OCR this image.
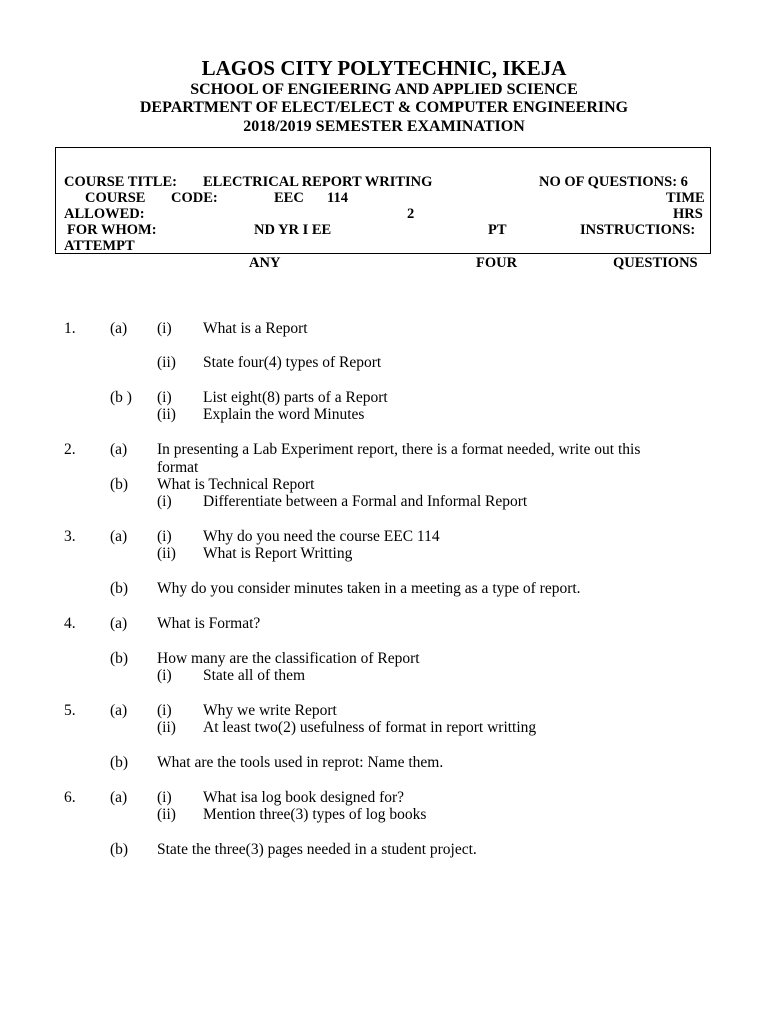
LAGOS CITY POLYTECHNIC, IKEJA
SCHOOL OF ENGIEERING AND APPLIED SCIENCE
DEPARTMENT OF ELECT/ELECT & COMPUTER ENGINEERING
2018/2019 SEMESTER EXAMINATION
COURSE TITLE: ELECTRICAL REPORT WRITING	NO OF QUESTIONS: 6
COURSE CODE:	EEC 114	TIME
ALLOWED:	2	HRS
FOR WHOM:	ND YR I EE	PT	INSTRUCTIONS:
ATTEMPT
ANY	FOUR	QUESTIONS
1. (a) (i) What is a Report
(ii) State four(4) types of Report
(b ) (i) List eight(8) parts of a Report
(ii) Explain the word Minutes
2. (a) In presenting a Lab Experiment report, there is a format needed, write out this
format
(b) What is Technical Report
(i) Differentiate between a Formal and Informal Report
3. (a) (i) Why do you need the course EEC 114
(ii) What is Report Writting
(b) Why do you consider minutes taken in a meeting as a type of report.
4. (a) What is Format?
(b) How many are the classification of Report
(i) State all of them
5. (a) (i) Why we write Report
(ii) At least two(2) usefulness of format in report writting
(b) What are the tools used in reprot: Name them.
6. (a) (i) What isa log book designed for?
(ii) Mention three(3) types of log books
(b) State the three(3) pages needed in a student project.
